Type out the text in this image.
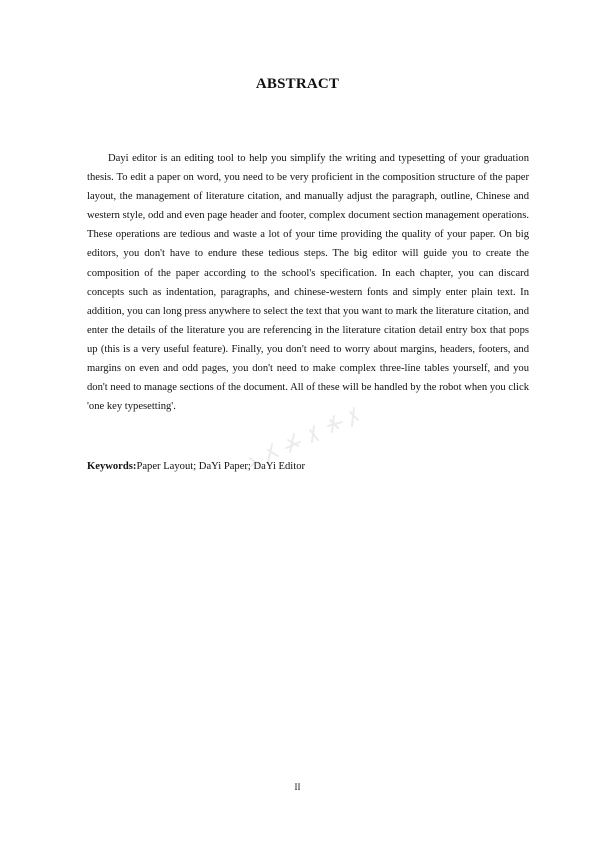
ABSTRACT

Dayi editor is an editing tool to help you simplify the writing and typesetting of your graduation thesis. To edit a paper on word, you need to be very proficient in the composition structure of the paper layout, the management of literature citation, and manually adjust the paragraph, outline, Chinese and western style, odd and even page header and footer, complex document section management operations. These operations are tedious and waste a lot of your time providing the quality of your paper. On big editors, you don't have to endure these tedious steps. The big editor will guide you to create the composition of the paper according to the school's specification. In each chapter, you can discard concepts such as indentation, paragraphs, and chinese-western fonts and simply enter plain text. In addition, you can long press anywhere to select the text that you want to mark the literature citation, and enter the details of the literature you are referencing in the literature citation detail entry box that pops up (this is a very useful feature). Finally, you don't need to worry about margins, headers, footers, and margins on even and odd pages, you don't need to make complex three-line tables yourself, and you don't need to manage sections of the document. All of these will be handled by the robot when you click 'one key typesetting'.

Keywords:Paper Layout; DaYi Paper; DaYi Editor

II
